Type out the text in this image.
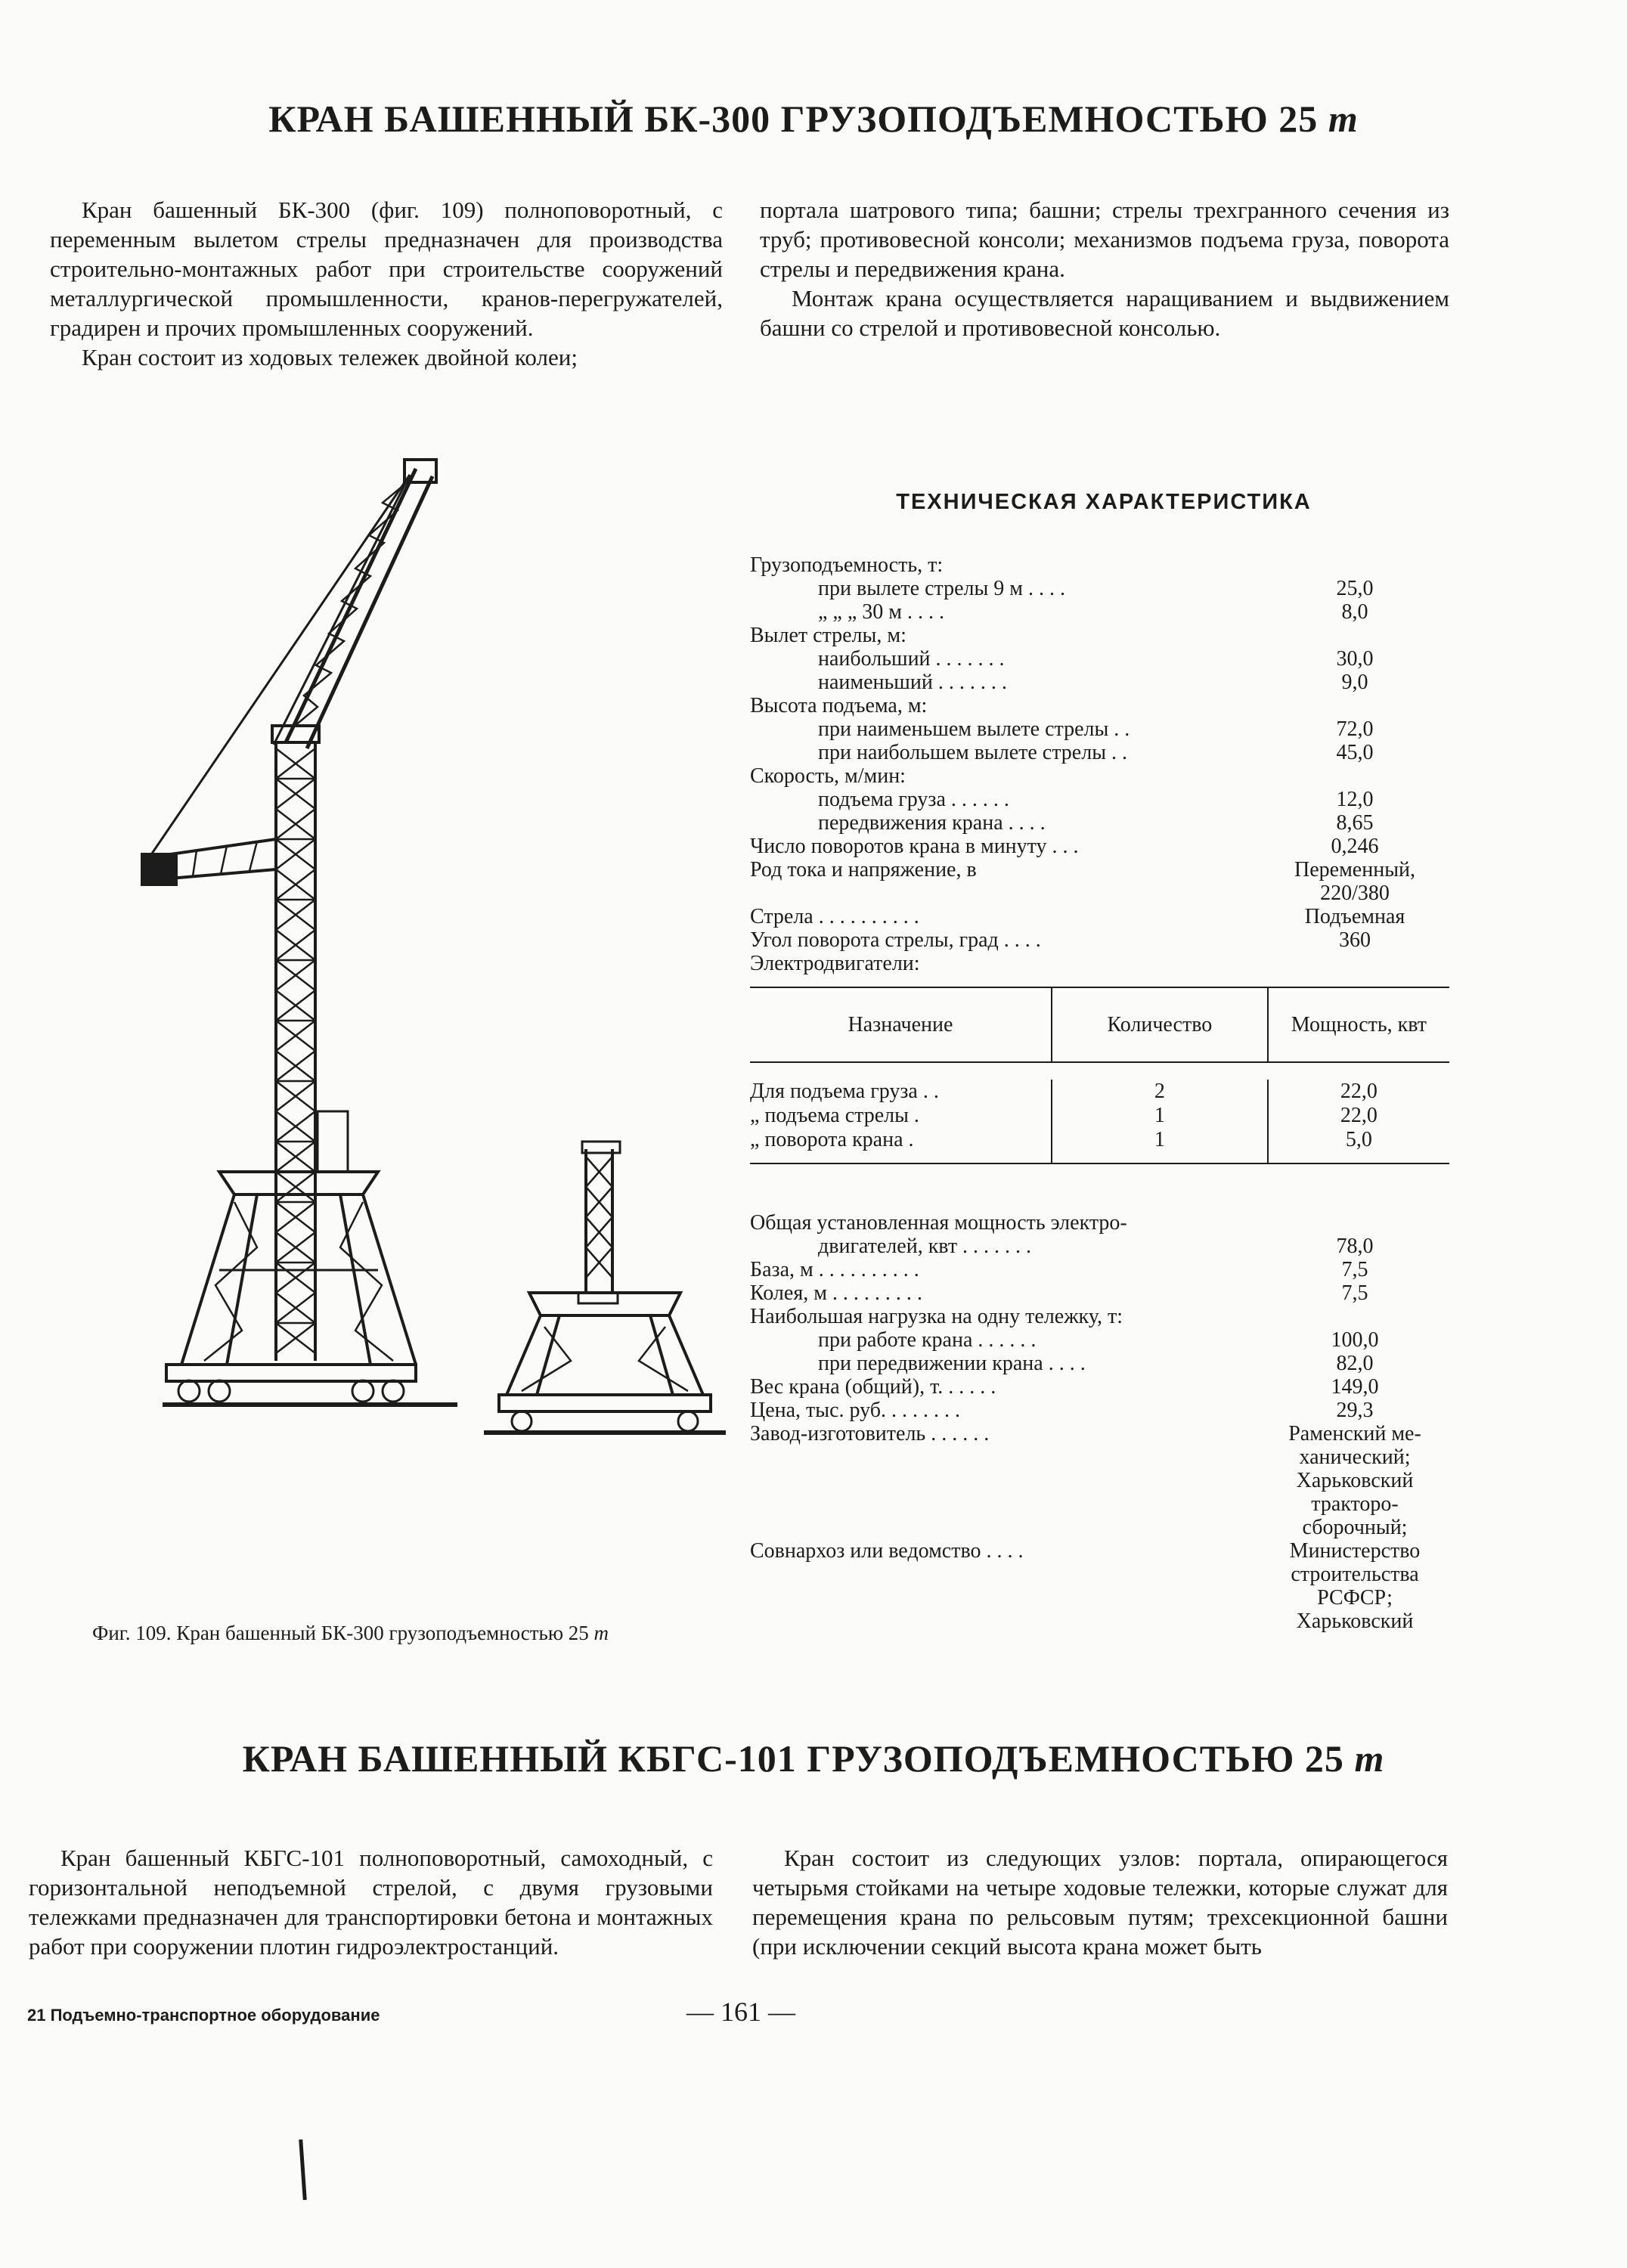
КРАН БАШЕННЫЙ БК-300 ГРУЗОПОДЪЕМНОСТЬЮ 25 т

Кран башенный БК-300 (фиг. 109) полноповоротный, с переменным вылетом стрелы предназначен для производства строительно-монтажных работ при строительстве сооружений металлургической промышленности, кранов-перегружателей, градирен и прочих промышленных сооружений.

Кран состоит из ходовых тележек двойной колеи;

портала шатрового типа; башни; стрелы трехгранного сечения из труб; противовесной консоли; механизмов подъема груза, поворота стрелы и передвижения крана.

Монтаж крана осуществляется наращиванием и выдвижением башни со стрелой и противовесной консолью.

Фиг. 109. Кран башенный БК-300 грузоподъемностью 25 т
ТЕХНИЧЕСКАЯ ХАРАКТЕРИСТИКА
Грузоподъемность, т:
при вылете стрелы 9 м . . . .	25,0
„ „ „ 30 м . . . .	8,0
Вылет стрелы, м:
наибольший . . . . . . .	30,0
наименьший . . . . . . .	9,0
Высота подъема, м:
при наименьшем вылете стрелы . .	72,0
при наибольшем вылете стрелы . .	45,0
Скорость, м/мин:
подъема груза . . . . . .	12,0
передвижения крана . . . .	8,65
Число поворотов крана в минуту . . .	0,246
Род тока и напряжение, в	Переменный,
220/380
Стрела . . . . . . . . . .	Подъемная
Угол поворота стрелы, град . . . .	360
Электродвигатели:
Назначение	Количество	Мощность, квт

Для подъема груза . .	2	22,0
„ подъема стрелы .	1	22,0
„ поворота крана .	1	5,0

Общая установленная мощность электро-
двигателей, квт . . . . . . .	78,0
База, м . . . . . . . . . .	7,5
Колея, м . . . . . . . . .	7,5
Наибольшая нагрузка на одну тележку, т:
при работе крана . . . . . .	100,0
при передвижении крана . . . .	82,0
Вес крана (общий), т. . . . . .	149,0
Цена, тыс. руб. . . . . . . .	29,3
Завод-изготовитель . . . . . .	Раменский ме-
ханический;
Харьковский
тракторо-
сборочный;
Совнархоз или ведомство . . . .	Министерство
строительства
РСФСР;
Харьковский
КРАН БАШЕННЫЙ КБГС-101 ГРУЗОПОДЪЕМНОСТЬЮ 25 т

Кран башенный КБГС-101 полноповоротный, самоходный, с горизонтальной неподъемной стрелой, с двумя грузовыми тележками предназначен для транспортировки бетона и монтажных работ при сооружении плотин гидроэлектростанций.

Кран состоит из следующих узлов: портала, опирающегося четырьмя стойками на четыре ходовые тележки, которые служат для перемещения крана по рельсовым путям; трехсекционной башни (при исключении секций высота крана может быть

21 Подъемно-транспортное оборудование	— 161 —
